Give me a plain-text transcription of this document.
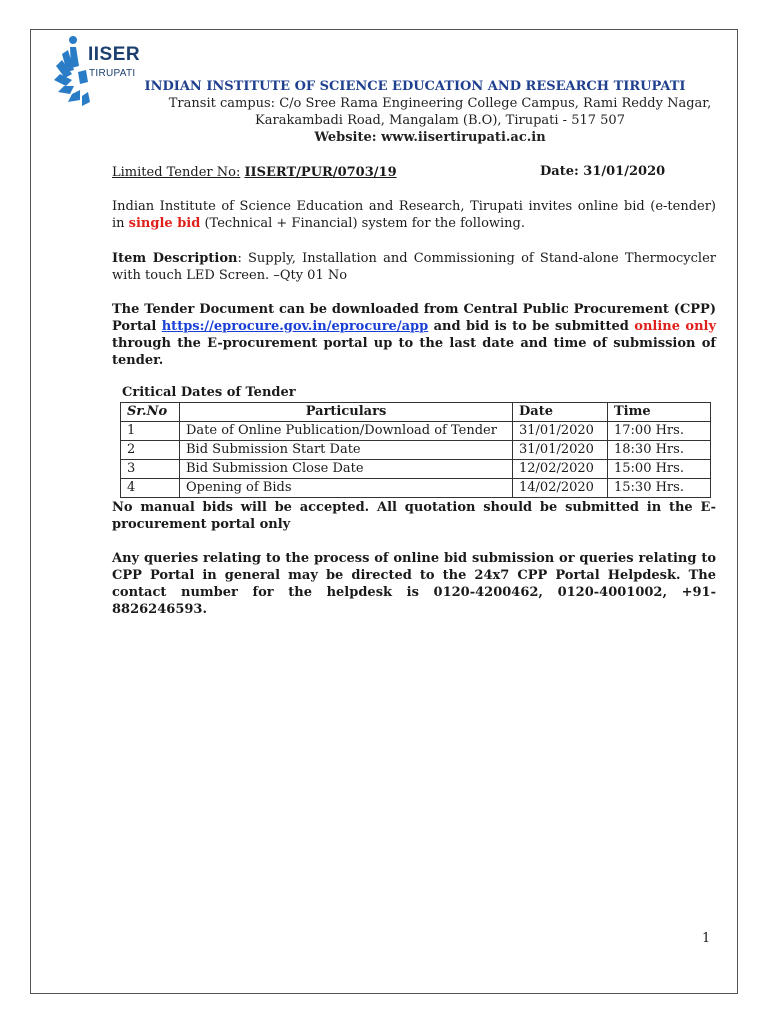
IISER
TIRUPATI
INDIAN INSTITUTE OF SCIENCE EDUCATION AND RESEARCH TIRUPATI
Transit campus: C/o Sree Rama Engineering College Campus, Rami Reddy Nagar,
Karakambadi Road, Mangalam (B.O), Tirupati - 517 507
Website: www.iisertirupati.ac.in
Limited Tender No: IISERT/PUR/0703/19	Date: 31/01/2020
Indian Institute of Science Education and Research, Tirupati invites online bid (e-tender) in single bid (Technical + Financial) system for the following.
Item Description: Supply, Installation and Commissioning of Stand-alone Thermocycler with touch LED Screen. –Qty 01 No
The Tender Document can be downloaded from Central Public Procurement (CPP) Portal https://eprocure.gov.in/eprocure/app and bid is to be submitted online only through the E-procurement portal up to the last date and time of submission of tender.
Critical Dates of Tender
Sr.No	Particulars	Date	Time
1	Date of Online Publication/Download of Tender	31/01/2020	17:00 Hrs.
2	Bid Submission Start Date	31/01/2020	18:30 Hrs.
3	Bid Submission Close Date	12/02/2020	15:00 Hrs.
4	Opening of Bids	14/02/2020	15:30 Hrs.
No manual bids will be accepted. All quotation should be submitted in the E-procurement portal only
Any queries relating to the process of online bid submission or queries relating to CPP Portal in general may be directed to the 24x7 CPP Portal Helpdesk. The contact number for the helpdesk is 0120-4200462, 0120-4001002, +91-8826246593.
1
